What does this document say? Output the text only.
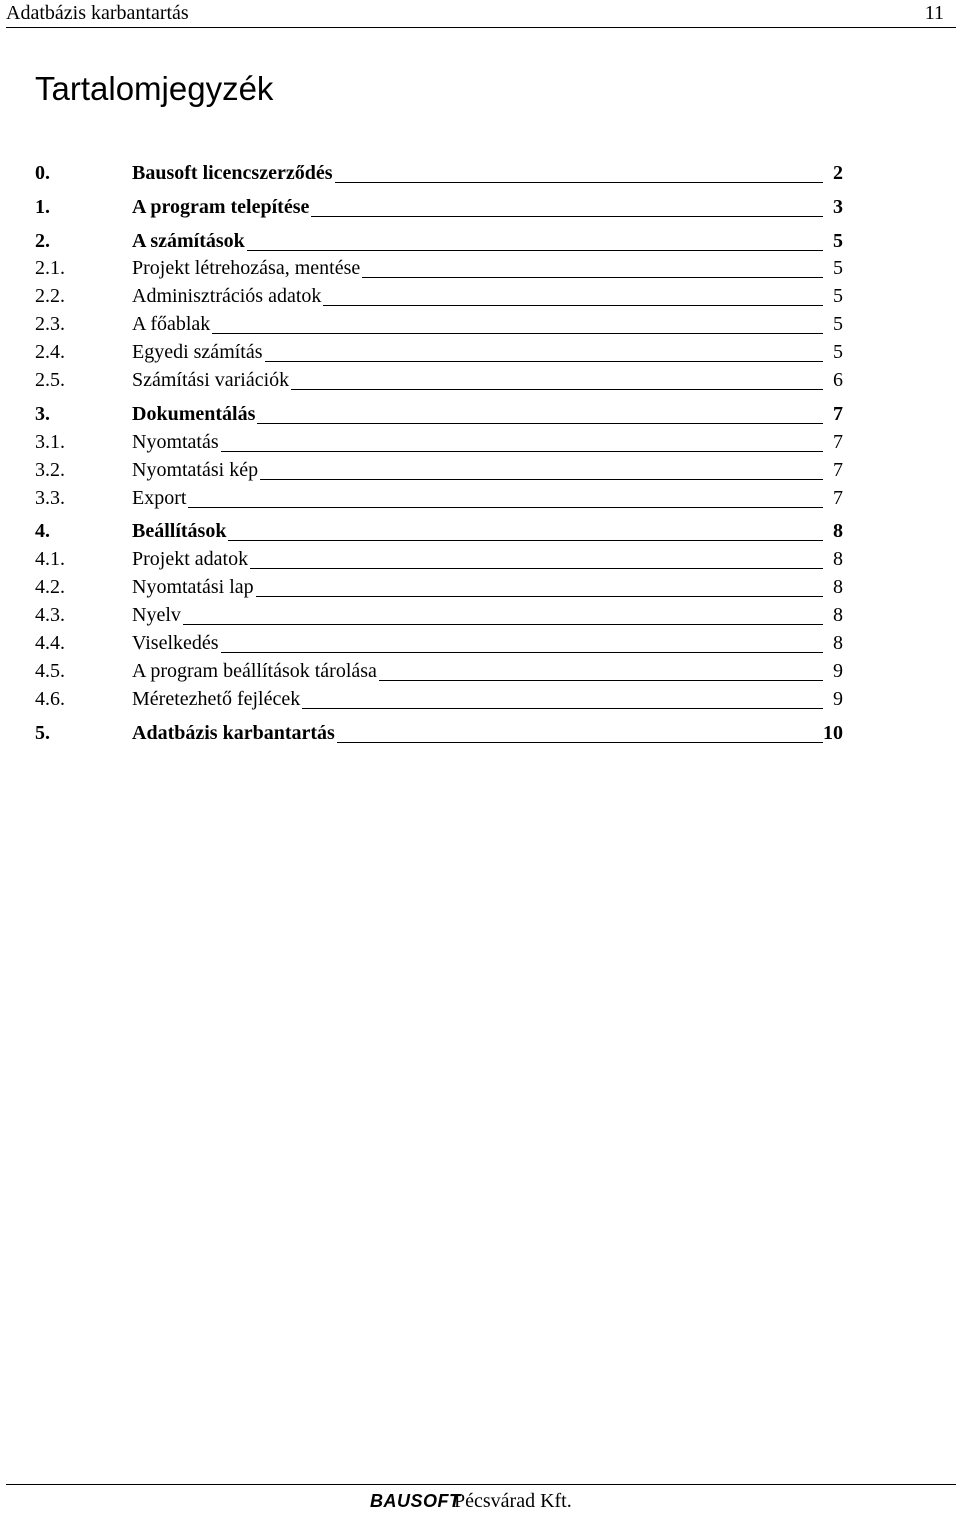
Adatbázis karbantartás	11
Tartalomjegyzék
0.	Bausoft licencszerződés	2
1.	A program telepítése	3
2.	A számítások	5
2.1.	Projekt létrehozása, mentése	5
2.2.	Adminisztrációs adatok	5
2.3.	A főablak	5
2.4.	Egyedi számítás	5
2.5.	Számítási variációk	6
3.	Dokumentálás	7
3.1.	Nyomtatás	7
3.2.	Nyomtatási kép	7
3.3.	Export	7
4.	Beállítások	8
4.1.	Projekt adatok	8
4.2.	Nyomtatási lap	8
4.3.	Nyelv	8
4.4.	Viselkedés	8
4.5.	A program beállítások tárolása	9
4.6.	Méretezhető fejlécek	9
5.	Adatbázis karbantartás	10
BAUSOFT
Pécsvárad Kft.
